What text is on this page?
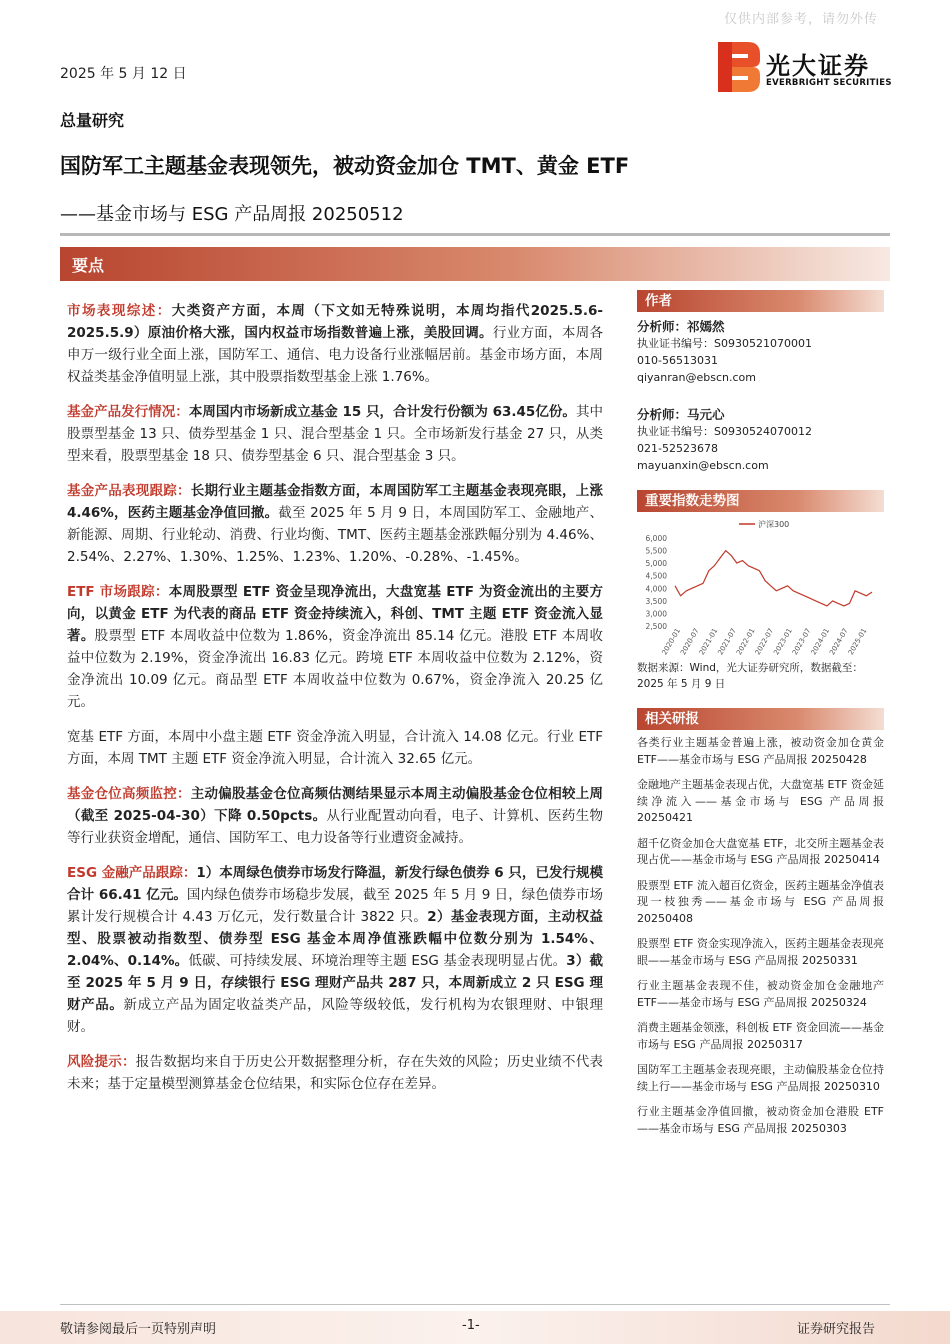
仅供内部参考，请勿外传
2025 年 5 月 12 日	光大证券
EVERBRIGHT SECURITIES
总量研究
国防军工主题基金表现领先，被动资金加仓 TMT、黄金 ETF
——基金市场与 ESG 产品周报 20250512
要点

市场表现综述：大类资产方面，本周（下文如无特殊说明，本周均指代2025.5.6-2025.5.9）原油价格大涨，国内权益市场指数普遍上涨，美股回调。行业方面，本周各申万一级行业全面上涨，国防军工、通信、电力设备行业涨幅居前。基金市场方面，本周权益类基金净值明显上涨，其中股票指数型基金上涨 1.76%。

基金产品发行情况：本周国内市场新成立基金 15 只，合计发行份额为 63.45亿份。其中股票型基金 13 只、债券型基金 1 只、混合型基金 1 只。全市场新发行基金 27 只，从类型来看，股票型基金 18 只、债券型基金 6 只、混合型基金 3 只。

基金产品表现跟踪：长期行业主题基金指数方面，本周国防军工主题基金表现亮眼，上涨 4.46%，医药主题基金净值回撤。截至 2025 年 5 月 9 日，本周国防军工、金融地产、新能源、周期、行业轮动、消费、行业均衡、TMT、医药主题基金涨跌幅分别为 4.46%、2.54%、2.27%、1.30%、1.25%、1.23%、1.20%、-0.28%、-1.45%。

ETF 市场跟踪：本周股票型 ETF 资金呈现净流出，大盘宽基 ETF 为资金流出的主要方向，以黄金 ETF 为代表的商品 ETF 资金持续流入，科创、TMT 主题 ETF 资金流入显著。股票型 ETF 本周收益中位数为 1.86%，资金净流出 85.14 亿元。港股 ETF 本周收益中位数为 2.19%，资金净流出 16.83 亿元。跨境 ETF 本周收益中位数为 2.12%，资金净流出 10.09 亿元。商品型 ETF 本周收益中位数为 0.67%，资金净流入 20.25 亿元。

宽基 ETF 方面，本周中小盘主题 ETF 资金净流入明显，合计流入 14.08 亿元。行业 ETF 方面，本周 TMT 主题 ETF 资金净流入明显，合计流入 32.65 亿元。

基金仓位高频监控：主动偏股基金仓位高频估测结果显示本周主动偏股基金仓位相较上周（截至 2025-04-30）下降 0.50pcts。从行业配置动向看，电子、计算机、医药生物等行业获资金增配，通信、国防军工、电力设备等行业遭资金减持。

ESG 金融产品跟踪：1）本周绿色债券市场发行降温，新发行绿色债券 6 只，已发行规模合计 66.41 亿元。国内绿色债券市场稳步发展，截至 2025 年 5 月 9 日，绿色债券市场累计发行规模合计 4.43 万亿元，发行数量合计 3822 只。2）基金表现方面，主动权益型、股票被动指数型、债券型 ESG 基金本周净值涨跌幅中位数分别为 1.54%、2.04%、0.14%。低碳、可持续发展、环境治理等主题 ESG 基金表现明显占优。3）截至 2025 年 5 月 9 日，存续银行 ESG 理财产品共 287 只，本周新成立 2 只 ESG 理财产品。新成立产品为固定收益类产品，风险等级较低，发行机构为农银理财、中银理财。

风险提示：报告数据均来自于历史公开数据整理分析，存在失效的风险；历史业绩不代表未来；基于定量模型测算基金仓位结果，和实际仓位存在差异。

作者
分析师：祁嫣然
执业证书编号：S0930521070001
010-56513031
qiyanran@ebscn.com
分析师：马元心
执业证书编号：S0930524070012
021-52523678
mayuanxin@ebscn.com
重要指数走势图
2,500
3,000
3,500
4,000
4,500
5,000
5,500
6,000
2020-01
2020-07
2021-01
2021-07
2022-01
2022-07
2023-01
2023-07
2024-01
2024-07
2025-01
沪深300
数据来源：Wind，光大证券研究所，数据截至：2025 年 5 月 9 日
相关研报
各类行业主题基金普遍上涨，被动资金加仓黄金 ETF——基金市场与 ESG 产品周报 20250428
金融地产主题基金表现占优，大盘宽基 ETF 资金延续净流入——基金市场与 ESG 产品周报 20250421
超千亿资金加仓大盘宽基 ETF，北交所主题基金表现占优——基金市场与 ESG 产品周报 20250414
股票型 ETF 流入超百亿资金，医药主题基金净值表现一枝独秀——基金市场与 ESG 产品周报 20250408
股票型 ETF 资金实现净流入，医药主题基金表现亮眼——基金市场与 ESG 产品周报 20250331
行业主题基金表现不佳，被动资金加仓金融地产 ETF——基金市场与 ESG 产品周报 20250324
消费主题基金领涨，科创板 ETF 资金回流——基金市场与 ESG 产品周报 20250317
国防军工主题基金表现亮眼，主动偏股基金仓位持续上行——基金市场与 ESG 产品周报 20250310
行业主题基金净值回撤，被动资金加仓港股 ETF——基金市场与 ESG 产品周报 20250303
敬请参阅最后一页特别声明	-1-	证券研究报告
